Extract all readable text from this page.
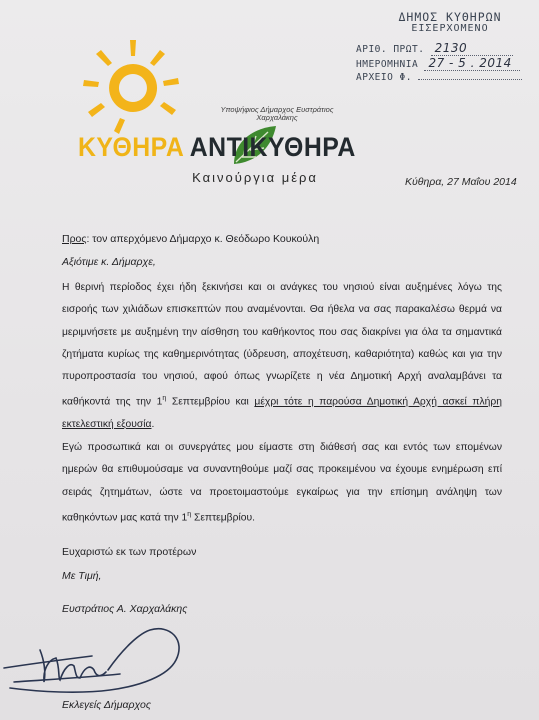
Υποψήφιος Δήμαρχος Ευστράτιος Χαρχαλάκης
ΚΥΘΗΡΑ ΑΝΤΙΚΥΘΗΡΑ
Καινούργια μέρα
ΔΗΜΟΣ ΚΥΘΗΡΩΝ
ΕΙΣΕΡΧΟΜΕΝΟ
ΑΡΙΘ. ΠΡΩΤ. 2130
ΗΜΕΡΟΜΗΝΙΑ 27 - 5 . 2014
ΑΡΧΕΙΟ Φ.
Κύθηρα, 27 Μαΐου 2014
Προς: τον απερχόμενο Δήμαρχο κ. Θεόδωρο Κουκούλη
Αξιότιμε κ. Δήμαρχε,
Η θερινή περίοδος έχει ήδη ξεκινήσει και οι ανάγκες του νησιού είναι αυξημένες λόγω της εισροής των χιλιάδων επισκεπτών που αναμένονται. Θα ήθελα να σας παρακαλέσω θερμά να μεριμνήσετε με αυξημένη την αίσθηση του καθήκοντος που σας διακρίνει για όλα τα σημαντικά ζητήματα κυρίως της καθημερινότητας (ύδρευση, αποχέτευση, καθαριότητα) καθώς και για την πυροπροστασία του νησιού, αφού όπως γνωρίζετε η νέα Δημοτική Αρχή αναλαμβάνει τα καθήκοντά της την $1^\eta$ Σεπτεμβρίου και μέχρι τότε η παρούσα Δημοτική Αρχή ασκεί πλήρη εκτελεστική εξουσία.
Εγώ προσωπικά και οι συνεργάτες μου είμαστε στη διάθεσή σας και εντός των επομένων ημερών θα επιθυμούσαμε να συναντηθούμε μαζί σας προκειμένου να έχουμε ενημέρωση επί σειράς ζητημάτων, ώστε να προετοιμαστούμε εγκαίρως για την επίσημη ανάληψη των καθηκόντων μας κατά την $1^\eta$ Σεπτεμβρίου.
Ευχαριστώ εκ των προτέρων
Με Τιμή,
Ευστράτιος Α. Χαρχαλάκης
Εκλεγείς Δήμαρχος
